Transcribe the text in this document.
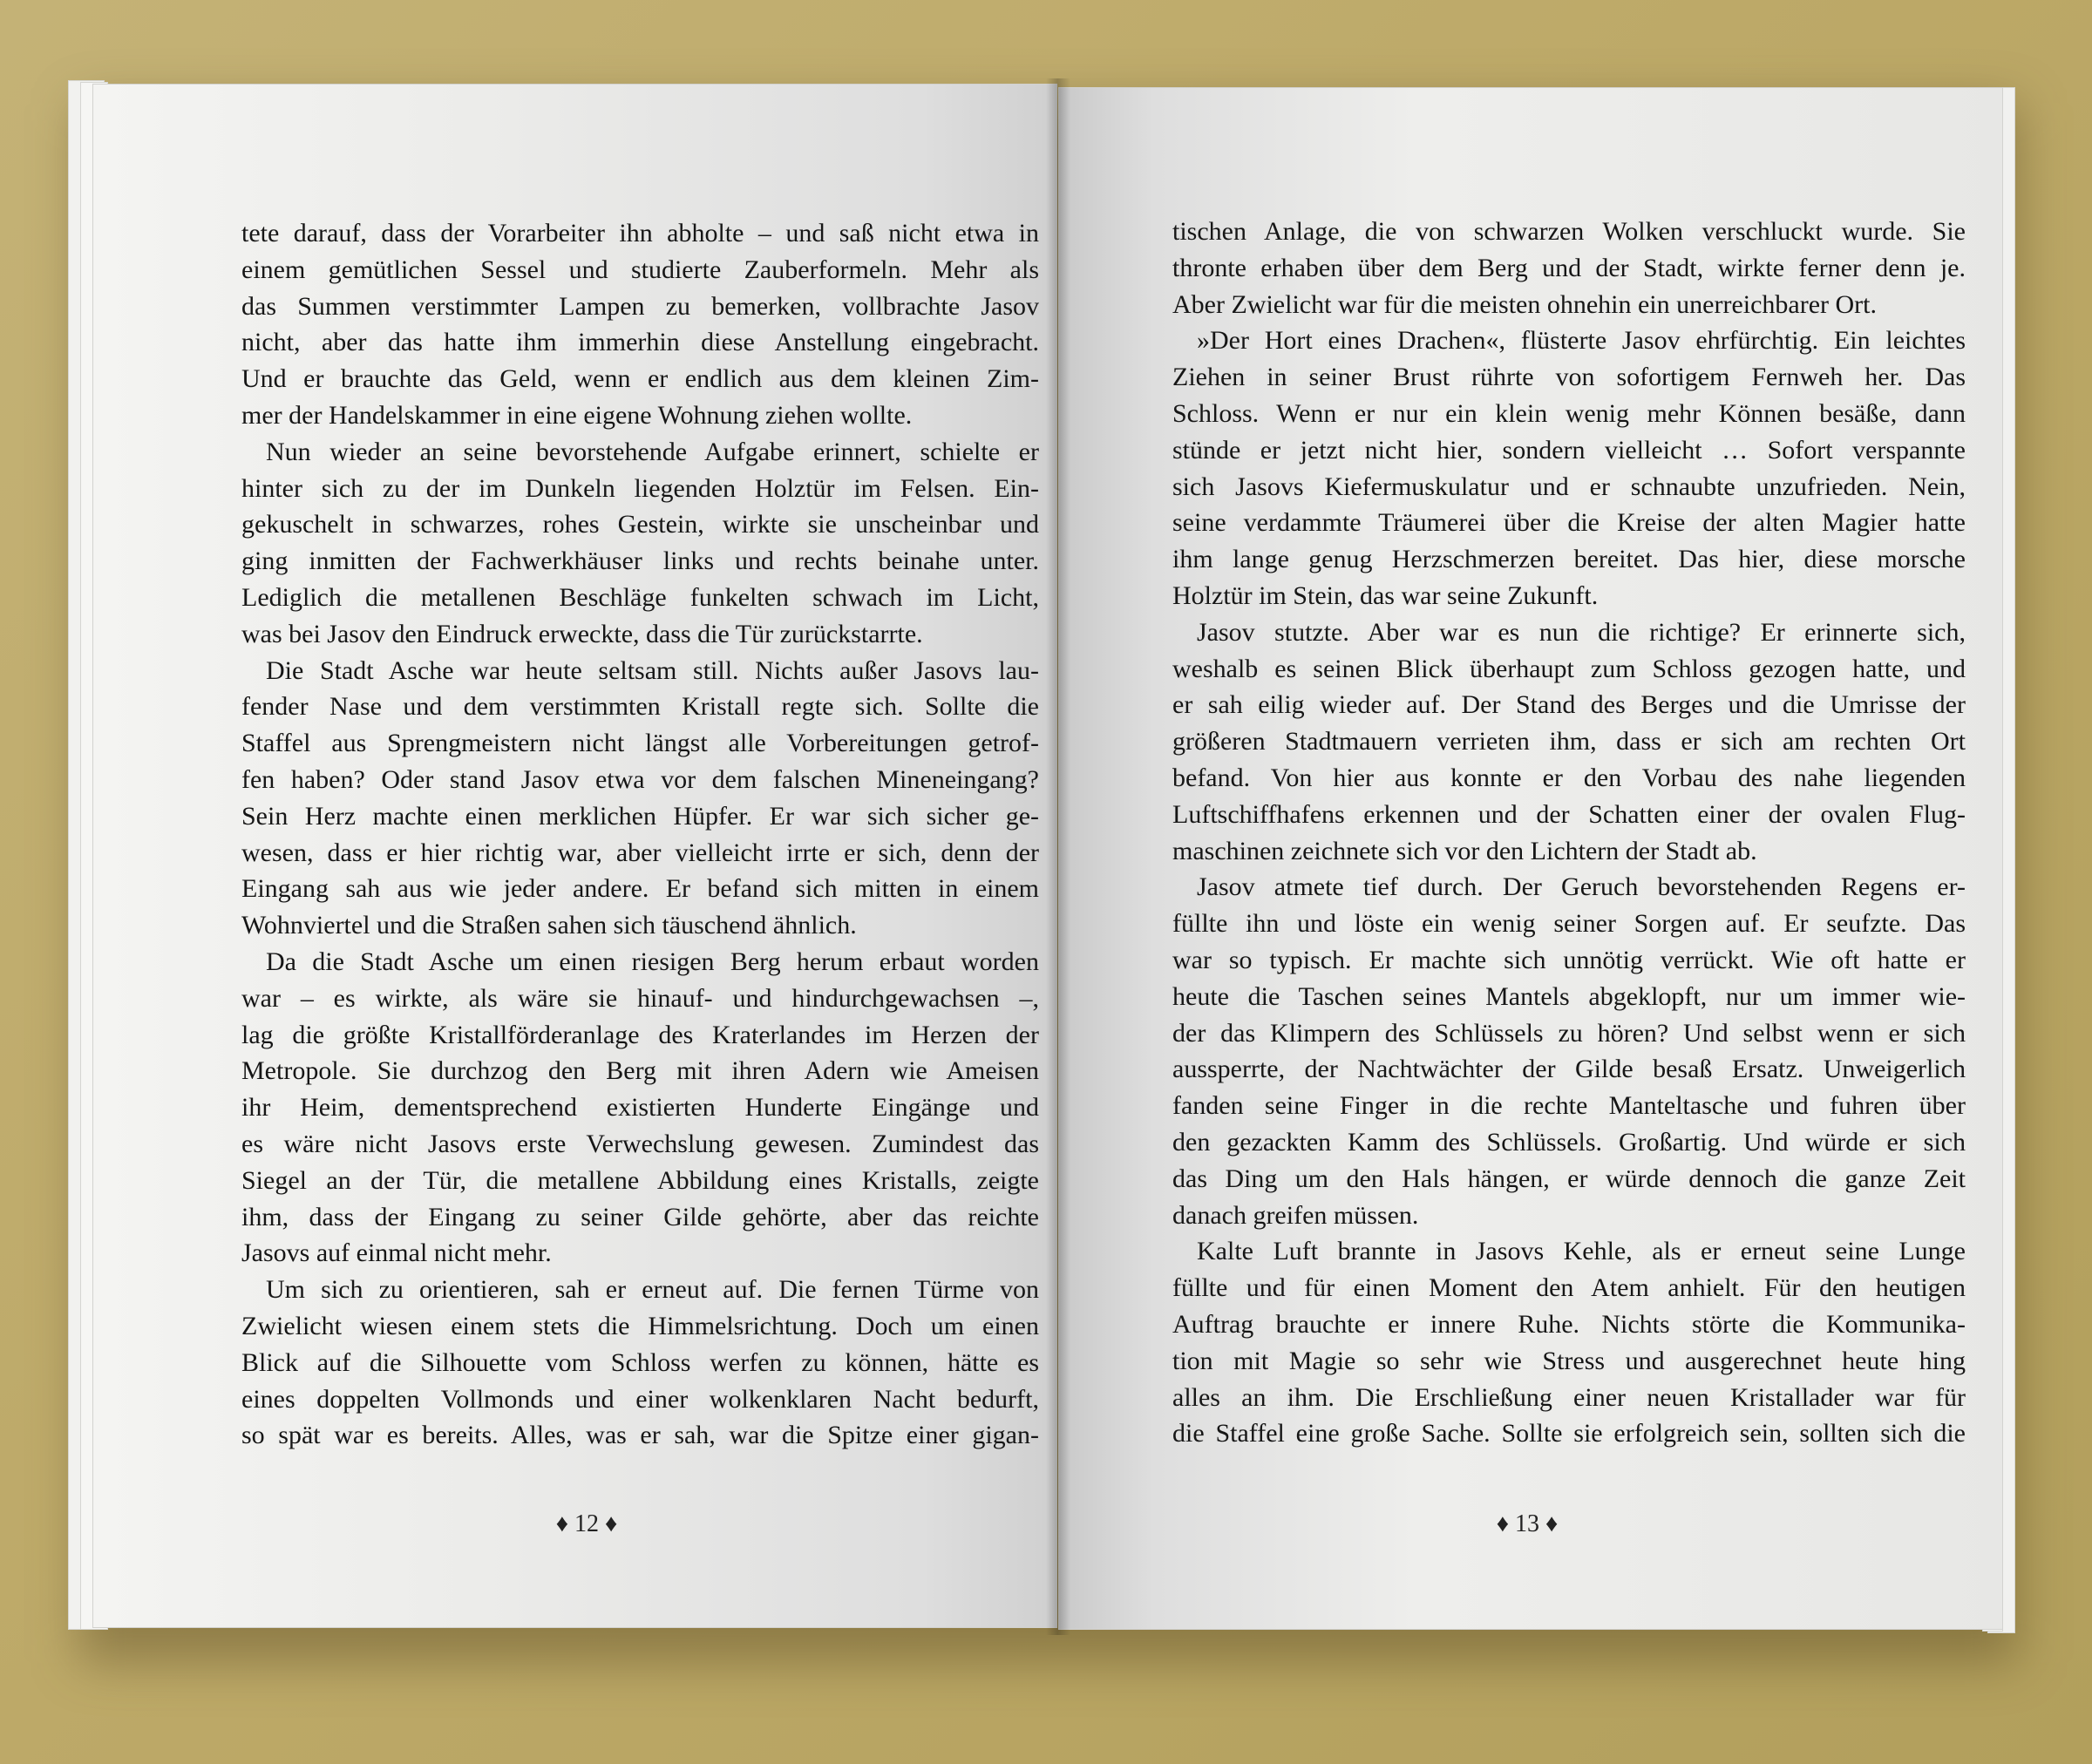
tete darauf, dass der Vorarbeiter ihn abholte – und saß nicht etwa in
einem gemütlichen Sessel und studierte Zauberformeln. Mehr als
das Summen verstimmter Lampen zu bemerken, vollbrachte Jasov
nicht, aber das hatte ihm immerhin diese Anstellung eingebracht.
Und er brauchte das Geld, wenn er endlich aus dem kleinen Zim-
mer der Handelskammer in eine eigene Wohnung ziehen wollte.
Nun wieder an seine bevorstehende Aufgabe erinnert, schielte er
hinter sich zu der im Dunkeln liegenden Holztür im Felsen. Ein-
gekuschelt in schwarzes, rohes Gestein, wirkte sie unscheinbar und
ging inmitten der Fachwerkhäuser links und rechts beinahe unter.
Lediglich die metallenen Beschläge funkelten schwach im Licht,
was bei Jasov den Eindruck erweckte, dass die Tür zurückstarrte.
Die Stadt Asche war heute seltsam still. Nichts außer Jasovs lau-
fender Nase und dem verstimmten Kristall regte sich. Sollte die
Staffel aus Sprengmeistern nicht längst alle Vorbereitungen getrof-
fen haben? Oder stand Jasov etwa vor dem falschen Mineneingang?
Sein Herz machte einen merklichen Hüpfer. Er war sich sicher ge-
wesen, dass er hier richtig war, aber vielleicht irrte er sich, denn der
Eingang sah aus wie jeder andere. Er befand sich mitten in einem
Wohnviertel und die Straßen sahen sich täuschend ähnlich.
Da die Stadt Asche um einen riesigen Berg herum erbaut worden
war – es wirkte, als wäre sie hinauf- und hindurchgewachsen –,
lag die größte Kristallförderanlage des Kraterlandes im Herzen der
Metropole. Sie durchzog den Berg mit ihren Adern wie Ameisen
ihr Heim, dementsprechend existierten Hunderte Eingänge und
es wäre nicht Jasovs erste Verwechslung gewesen. Zumindest das
Siegel an der Tür, die metallene Abbildung eines Kristalls, zeigte
ihm, dass der Eingang zu seiner Gilde gehörte, aber das reichte
Jasovs auf einmal nicht mehr.
Um sich zu orientieren, sah er erneut auf. Die fernen Türme von
Zwielicht wiesen einem stets die Himmelsrichtung. Doch um einen
Blick auf die Silhouette vom Schloss werfen zu können, hätte es
eines doppelten Vollmonds und einer wolkenklaren Nacht bedurft,
so spät war es bereits. Alles, was er sah, war die Spitze einer gigan-
♦ 12 ♦
tischen Anlage, die von schwarzen Wolken verschluckt wurde. Sie
thronte erhaben über dem Berg und der Stadt, wirkte ferner denn je.
Aber Zwielicht war für die meisten ohnehin ein unerreichbarer Ort.
»Der Hort eines Drachen«, flüsterte Jasov ehrfürchtig. Ein leichtes
Ziehen in seiner Brust rührte von sofortigem Fernweh her. Das
Schloss. Wenn er nur ein klein wenig mehr Können besäße, dann
stünde er jetzt nicht hier, sondern vielleicht … Sofort verspannte
sich Jasovs Kiefermuskulatur und er schnaubte unzufrieden. Nein,
seine verdammte Träumerei über die Kreise der alten Magier hatte
ihm lange genug Herzschmerzen bereitet. Das hier, diese morsche
Holztür im Stein, das war seine Zukunft.
Jasov stutzte. Aber war es nun die richtige? Er erinnerte sich,
weshalb es seinen Blick überhaupt zum Schloss gezogen hatte, und
er sah eilig wieder auf. Der Stand des Berges und die Umrisse der
größeren Stadtmauern verrieten ihm, dass er sich am rechten Ort
befand. Von hier aus konnte er den Vorbau des nahe liegenden
Luftschiffhafens erkennen und der Schatten einer der ovalen Flug-
maschinen zeichnete sich vor den Lichtern der Stadt ab.
Jasov atmete tief durch. Der Geruch bevorstehenden Regens er-
füllte ihn und löste ein wenig seiner Sorgen auf. Er seufzte. Das
war so typisch. Er machte sich unnötig verrückt. Wie oft hatte er
heute die Taschen seines Mantels abgeklopft, nur um immer wie-
der das Klimpern des Schlüssels zu hören? Und selbst wenn er sich
aussperrte, der Nachtwächter der Gilde besaß Ersatz. Unweigerlich
fanden seine Finger in die rechte Manteltasche und fuhren über
den gezackten Kamm des Schlüssels. Großartig. Und würde er sich
das Ding um den Hals hängen, er würde dennoch die ganze Zeit
danach greifen müssen.
Kalte Luft brannte in Jasovs Kehle, als er erneut seine Lunge
füllte und für einen Moment den Atem anhielt. Für den heutigen
Auftrag brauchte er innere Ruhe. Nichts störte die Kommunika-
tion mit Magie so sehr wie Stress und ausgerechnet heute hing
alles an ihm. Die Erschließung einer neuen Kristallader war für
die Staffel eine große Sache. Sollte sie erfolgreich sein, sollten sich die
♦ 13 ♦
